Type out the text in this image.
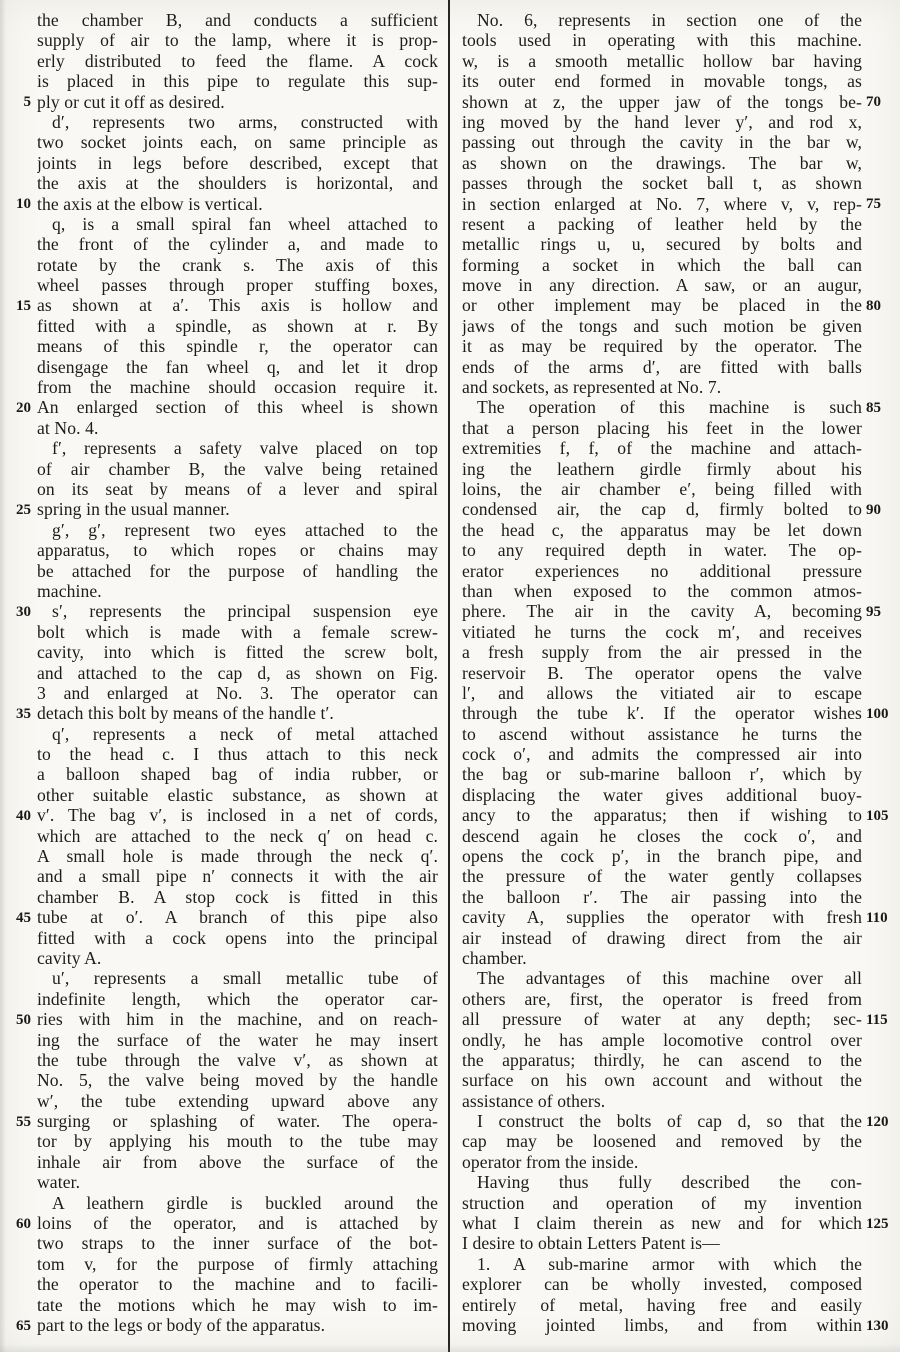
the chamber B, and conducts a sufficient
supply of air to the lamp, where it is prop-
erly distributed to feed the flame. A cock
is placed in this pipe to regulate this sup-
5 ply or cut it off as desired.
d′, represents two arms, constructed with
two socket joints each, on same principle as
joints in legs before described, except that
the axis at the shoulders is horizontal, and
10 the axis at the elbow is vertical.
q, is a small spiral fan wheel attached to
the front of the cylinder a, and made to
rotate by the crank s. The axis of this
wheel passes through proper stuffing boxes,
15 as shown at a′. This axis is hollow and
fitted with a spindle, as shown at r. By
means of this spindle r, the operator can
disengage the fan wheel q, and let it drop
from the machine should occasion require it.
20 An enlarged section of this wheel is shown
at No. 4.
f′, represents a safety valve placed on top
of air chamber B, the valve being retained
on its seat by means of a lever and spiral
25 spring in the usual manner.
g′, g′, represent two eyes attached to the
apparatus, to which ropes or chains may
be attached for the purpose of handling the
machine.
30	s′, represents the principal suspension eye
bolt which is made with a female screw-
cavity, into which is fitted the screw bolt,
and attached to the cap d, as shown on Fig.
3 and enlarged at No. 3. The operator can
35 detach this bolt by means of the handle t′.
q′, represents a neck of metal attached
to the head c. I thus attach to this neck
a balloon shaped bag of india rubber, or
other suitable elastic substance, as shown at
40 v′. The bag v′, is inclosed in a net of cords,
which are attached to the neck q′ on head c.
A small hole is made through the neck q′.
and a small pipe n′ connects it with the air
chamber B. A stop cock is fitted in this
45 tube at o′. A branch of this pipe also
fitted with a cock opens into the principal
cavity A.
u′, represents a small metallic tube of
indefinite length, which the operator car-
50 ries with him in the machine, and on reach-
ing the surface of the water he may insert
the tube through the valve v′, as shown at
No. 5, the valve being moved by the handle
w′, the tube extending upward above any
55 surging or splashing of water. The opera-
tor by applying his mouth to the tube may
inhale air from above the surface of the
water.
A leathern girdle is buckled around the
60 loins of the operator, and is attached by
two straps to the inner surface of the bot-
tom v, for the purpose of firmly attaching
the operator to the machine and to facili-
tate the motions which he may wish to im-
65 part to the legs or body of the apparatus.
No. 6, represents in section one of the
tools used in operating with this machine.
w, is a smooth metallic hollow bar having
its outer end formed in movable tongs, as
70
shown at z, the upper jaw of the tongs be-
ing moved by the hand lever y′, and rod x,
passing out through the cavity in the bar w,
as shown on the drawings. The bar w,
passes through the socket ball t, as shown
75
in section enlarged at No. 7, where v, v, rep-
resent a packing of leather held by the
metallic rings u, u, secured by bolts and
forming a socket in which the ball can
move in any direction. A saw, or an augur,
80
or other implement may be placed in the
jaws of the tongs and such motion be given
it as may be required by the operator. The
ends of the arms d′, are fitted with balls
and sockets, as represented at No. 7.
85
The operation of this machine is such
that a person placing his feet in the lower
extremities f, f, of the machine and attach-
ing the leathern girdle firmly about his
loins, the air chamber e′, being filled with
90
condensed air, the cap d, firmly bolted to
the head c, the apparatus may be let down
to any required depth in water. The op-
erator experiences no additional pressure
than when exposed to the common atmos-
95
phere. The air in the cavity A, becoming
vitiated he turns the cock m′, and receives
a fresh supply from the air pressed in the
reservoir B. The operator opens the valve
l′, and allows the vitiated air to escape
100
through the tube k′. If the operator wishes
to ascend without assistance he turns the
cock o′, and admits the compressed air into
the bag or sub-marine balloon r′, which by
displacing the water gives additional buoy-
105
ancy to the apparatus; then if wishing to
descend again he closes the cock o′, and
opens the cock p′, in the branch pipe, and
the pressure of the water gently collapses
the balloon r′. The air passing into the
110
cavity A, supplies the operator with fresh
air instead of drawing direct from the air
chamber.
The advantages of this machine over all
others are, first, the operator is freed from
115
all pressure of water at any depth; sec-
ondly, he has ample locomotive control over
the apparatus; thirdly, he can ascend to the
surface on his own account and without the
assistance of others.
120
I construct the bolts of cap d, so that the
cap may be loosened and removed by the
operator from the inside.
Having thus fully described the con-
struction and operation of my invention
125
what I claim therein as new and for which
I desire to obtain Letters Patent is—
1. A sub-marine armor with which the
explorer can be wholly invested, composed
entirely of metal, having free and easily
130
moving jointed limbs, and from within
